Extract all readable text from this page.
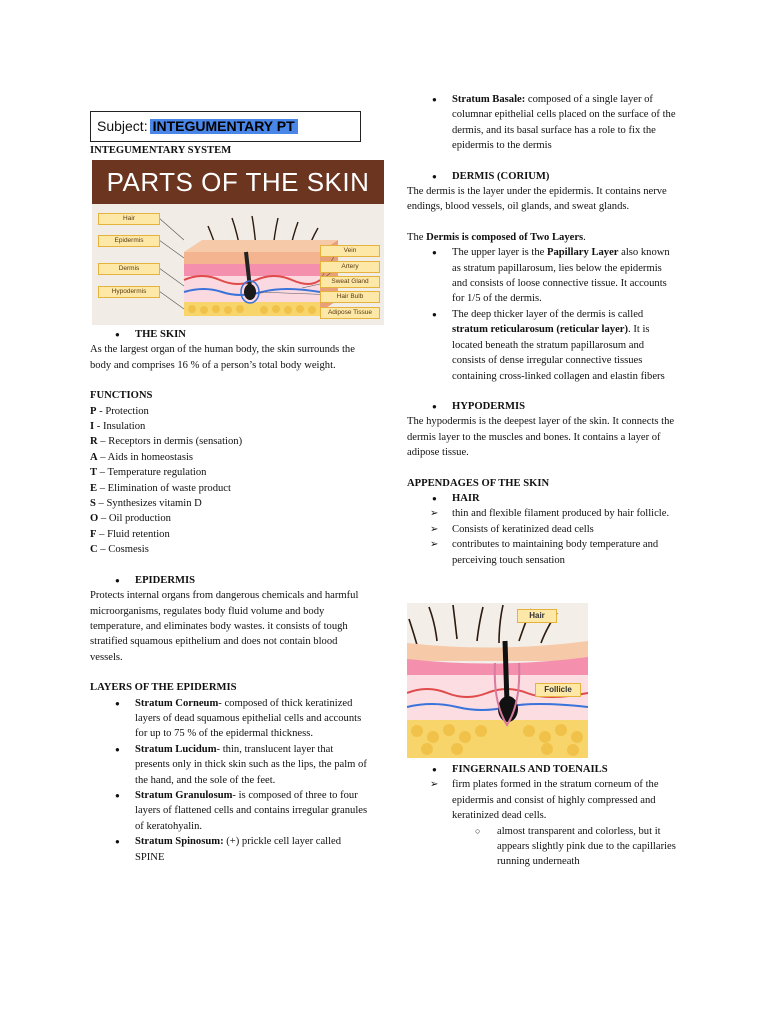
Subject: INTEGUMENTARY PT
INTEGUMENTARY SYSTEM
PARTS OF THE SKIN
Hair
Epidermis
Dermis
Hypodermis
Vein
Artery
Sweat Gland
Hair Bulb
Adipose Tissue
● THE SKIN

As the largest organ of the human body, the skin surrounds the body and comprises 16 % of a person’s total body weight.

FUNCTIONS

P - Protection

I - Insulation

R – Receptors in dermis (sensation)

A – Aids in homeostasis

T – Temperature regulation

E – Elimination of waste product

S – Synthesizes vitamin D

O – Oil production

F – Fluid retention

C – Cosmesis

● EPIDERMIS

Protects internal organs from dangerous chemicals and harmful microorganisms, regulates body fluid volume and body temperature, and eliminates body wastes. it consists of tough stratified squamous epithelium and does not contain blood vessels.

LAYERS OF THE EPIDERMIS

● Stratum Corneum- composed of thick keratinized layers of dead squamous epithelial cells and accounts for up to 75 % of the epidermal thickness.
● Stratum Lucidum- thin, translucent layer that presents only in thick skin such as the lips, the palm of the hand, and the sole of the feet.
● Stratum Granulosum- is composed of three to four layers of flattened cells and contains irregular granules of keratohyalin.
● Stratum Spinosum: (+) prickle cell layer called SPINE
● Stratum Basale: composed of a single layer of columnar epithelial cells placed on the surface of the dermis, and its basal surface has a role to fix the epidermis to the dermis
● DERMIS (CORIUM)

The dermis is the layer under the epidermis. It contains nerve endings, blood vessels, oil glands, and sweat glands.

The Dermis is composed of Two Layers.

● The upper layer is the Papillary Layer also known as stratum papillarosum, lies below the epidermis and consists of loose connective tissue. It accounts for 1/5 of the dermis.
● The deep thicker layer of the dermis is called stratum reticularosum (reticular layer). It is located beneath the stratum papillarosum and consists of dense irregular connective tissues containing cross-linked collagen and elastin fibers
● HYPODERMIS

The hypodermis is the deepest layer of the skin. It connects the dermis layer to the muscles and bones. It contains a layer of adipose tissue.

APPENDAGES OF THE SKIN

● HAIR
➢ thin and flexible filament produced by hair follicle.
➢ Consists of keratinized dead cells
➢ contributes to maintaining body temperature and perceiving touch sensation
Hair
Follicle
● FINGERNAILS AND TOENAILS
➢ firm plates formed in the stratum corneum of the epidermis and consist of highly compressed and keratinized dead cells.
○ almost transparent and colorless, but it appears slightly pink due to the capillaries running underneath
